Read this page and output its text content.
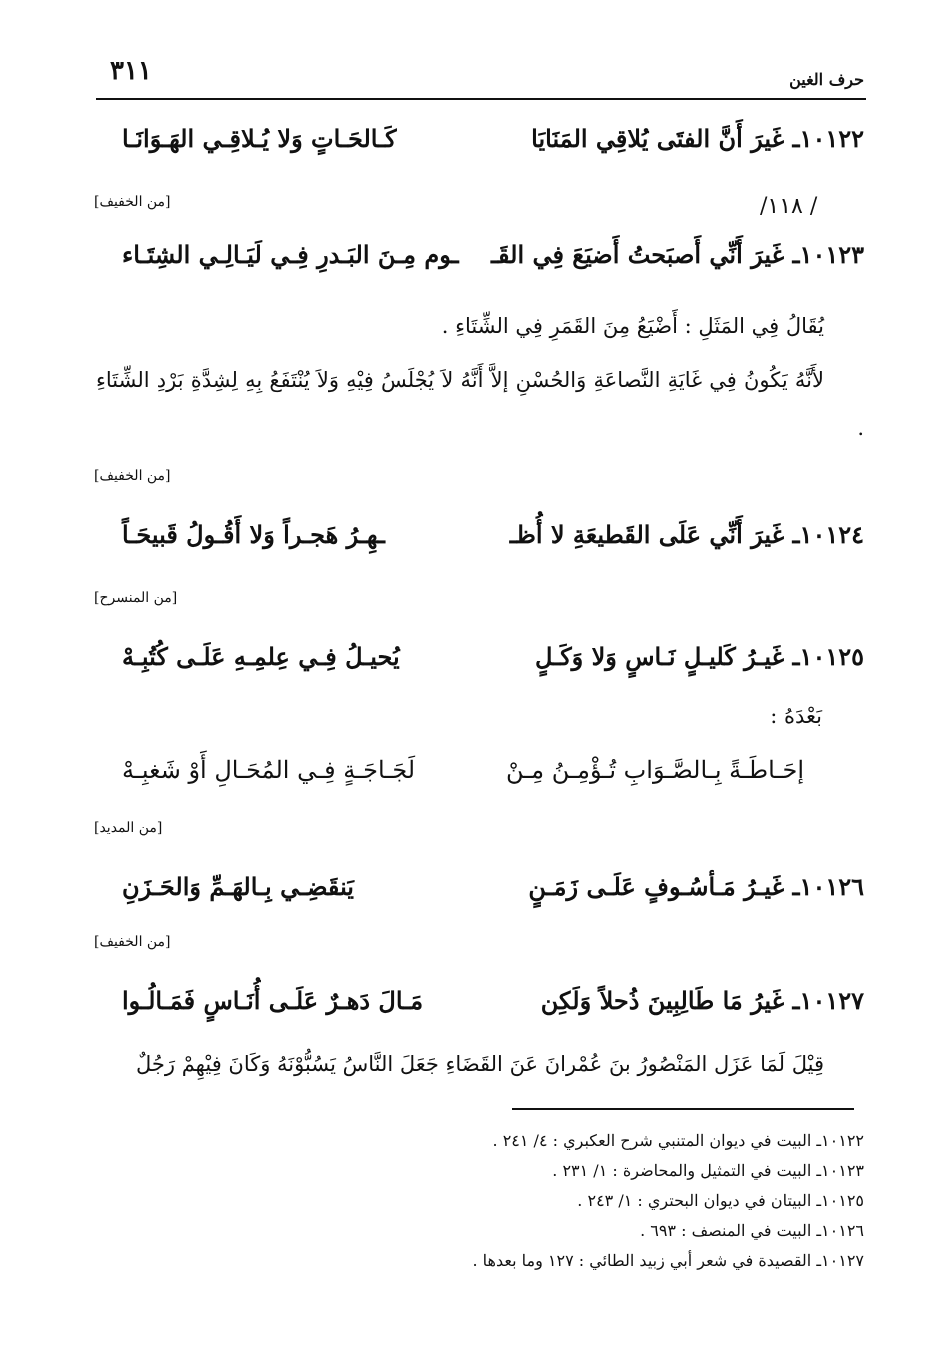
٣١١	حرف الغين
١٠١٢٢ـ غَيرَ أَنَّ الفتَى يُلاقِي المَنَايَا
كَـالحَـاتٍ وَلا يُـلاقِـي الهَـوَانَـا
[من الخفيف]	/ ١١٨/
١٠١٢٣ـ غَيرَ أَنِّي أَصبَحتُ أَضيَعَ فِي القَـ
ـوم مِـنَ البَـدرِ فِـي لَيَـالِـي الشِتَـاء
يُقَالُ فِي المَثَلِ : أَضْيَعُ مِنَ القَمَرِ فِي الشِّتَاءِ .
لأَنَّهُ يَكُونُ فِي غَايَةِ النَّصاعَةِ وَالحُسْنِ إلاَّ أَنَّهُ لاَ يُجْلَسُ فِيْهِ وَلاَ يُنْتَفَعُ بِهِ لِشِدَّةِ بَرْدِ الشِّتَاءِ .
[من الخفيف]
١٠١٢٤ـ غَيرَ أَنِّي عَلَى القَطيعَةِ لا أُظـ
ـهِـرُ هَجـراً وَلا أَقُـولُ قَبيحَـاً
[من المنسرح]
١٠١٢٥ـ غَيـرُ كَليـلٍ نَـاسٍ وَلا وَكَـلٍ
يُحيـلُ فِـي عِلمِـهِ عَلَـى كُتُبِـهْ
بَعْدَهُ :
إحَـاطَـةً بِـالصَّـوَابِ تُـؤْمِـنُ مِـنْ
لَجَـاجَـةٍ فِـي المُحَـالِ أَوْ شَغبِـهْ
[من المديد]
١٠١٢٦ـ غَيـرُ مَـأسُـوفٍ عَلَـى زَمَـنٍ
يَنقَضِـي بِـالهَـمِّ وَالحَـزَنِ
[من الخفيف]
١٠١٢٧ـ غَيرُ مَا طَالِبِينَ ذُحلاً وَلَكِن
مَـالَ دَهـرٌ عَلَـى أُنَـاسٍ فَمَـالُـوا
قِيْلَ لَمَا عَزَل المَنْصُورُ بنَ عُمْرانَ عَنَ القَضَاءِ جَعَلَ النَّاسُ يَسُبُّوْنَهُ وَكَانَ فِيْهِمْ رَجُلٌ
١٠١٢٢ـ البيت في ديوان المتنبي شرح العكبري : ٤/ ٢٤١ .
١٠١٢٣ـ البيت في التمثيل والمحاضرة : ١/ ٢٣١ .
١٠١٢٥ـ البيتان في ديوان البحتري : ١/ ٢٤٣ .
١٠١٢٦ـ البيت في المنصف : ٦٩٣ .
١٠١٢٧ـ القصيدة في شعر أبي زبيد الطائي : ١٢٧ وما بعدها .
